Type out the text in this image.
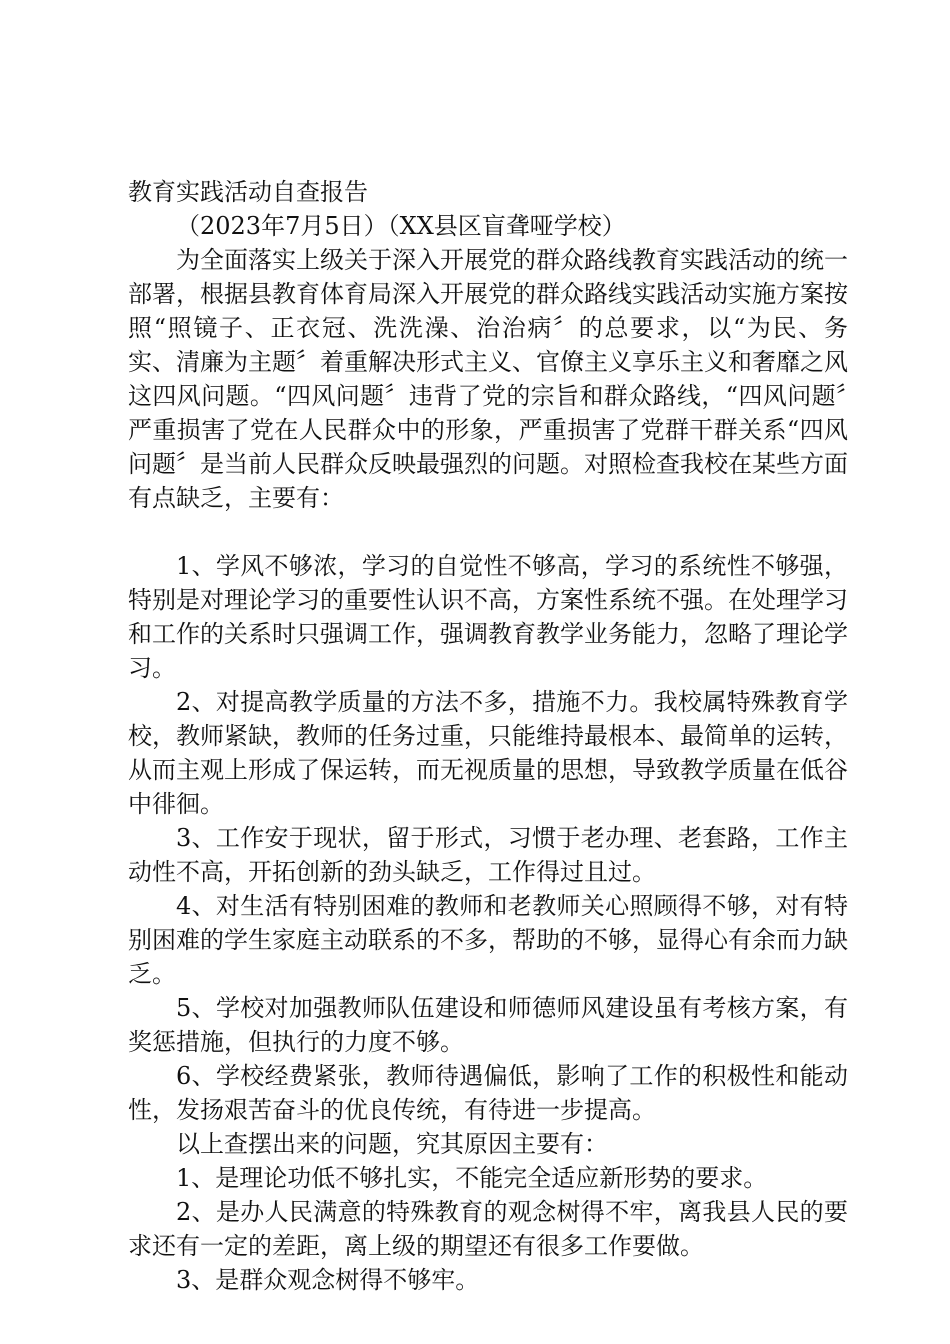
教育实践活动自查报告

（2023年7月5日）（XX县区盲聋哑学校）

为全面落实上级关于深入开展党的群众路线教育实践活动的统一部署，根据县教育体育局深入开展党的群众路线实践活动实施方案按照“照镜子、正衣冠、洗洗澡、治治病〞的总要求，以“为民、务实、清廉为主题〞着重解决形式主义、官僚主义享乐主义和奢靡之风这四风问题。“四风问题〞违背了党的宗旨和群众路线，“四风问题〞严重损害了党在人民群众中的形象，严重损害了党群干群关系“四风问题〞是当前人民群众反映最强烈的问题。对照检查我校在某些方面有点缺乏，主要有：

1、学风不够浓，学习的自觉性不够高，学习的系统性不够强，特别是对理论学习的重要性认识不高，方案性系统不强。在处理学习和工作的关系时只强调工作，强调教育教学业务能力，忽略了理论学习。

2、对提高教学质量的方法不多，措施不力。我校属特殊教育学校，教师紧缺，教师的任务过重，只能维持最根本、最简单的运转，从而主观上形成了保运转，而无视质量的思想，导致教学质量在低谷中徘徊。

3、工作安于现状，留于形式，习惯于老办理、老套路，工作主动性不高，开拓创新的劲头缺乏，工作得过且过。

4、对生活有特别困难的教师和老教师关心照顾得不够，对有特别困难的学生家庭主动联系的不多，帮助的不够，显得心有余而力缺乏。

5、学校对加强教师队伍建设和师德师风建设虽有考核方案，有奖惩措施，但执行的力度不够。

6、学校经费紧张，教师待遇偏低，影响了工作的积极性和能动性，发扬艰苦奋斗的优良传统，有待进一步提高。

以上查摆出来的问题，究其原因主要有：

1、是理论功低不够扎实，不能完全适应新形势的要求。

2、是办人民满意的特殊教育的观念树得不牢，离我县人民的要求还有一定的差距，离上级的期望还有很多工作要做。

3、是群众观念树得不够牢。
